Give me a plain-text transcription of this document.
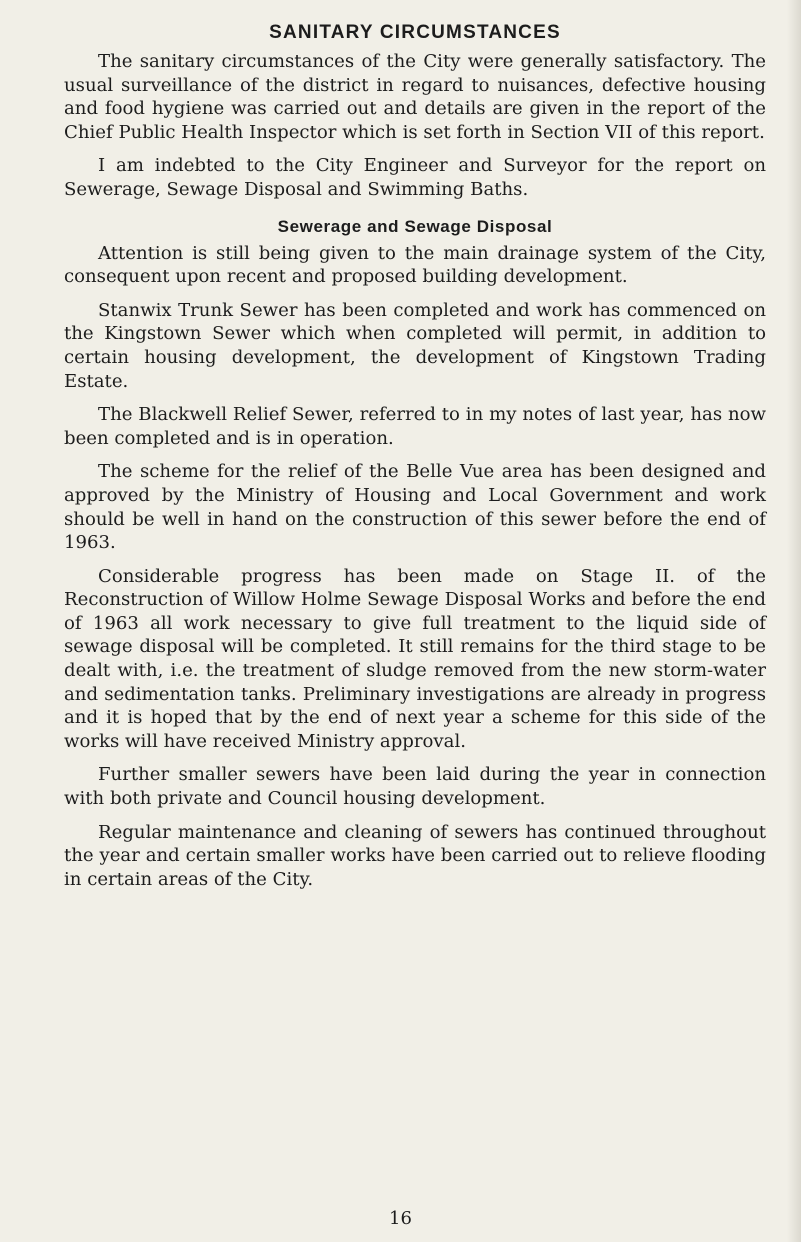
SANITARY CIRCUMSTANCES

The sanitary circumstances of the City were generally satisfactory. The usual surveillance of the district in regard to nuisances, defective housing and food hygiene was carried out and details are given in the report of the Chief Public Health Inspector which is set forth in Section VII of this report.

I am indebted to the City Engineer and Surveyor for the report on Sewerage, Sewage Disposal and Swimming Baths.

Sewerage and Sewage Disposal

Attention is still being given to the main drainage system of the City, consequent upon recent and proposed building development.

Stanwix Trunk Sewer has been completed and work has commenced on the Kingstown Sewer which when completed will permit, in addition to certain housing development, the development of Kingstown Trading Estate.

The Blackwell Relief Sewer, referred to in my notes of last year, has now been completed and is in operation.

The scheme for the relief of the Belle Vue area has been designed and approved by the Ministry of Housing and Local Government and work should be well in hand on the construction of this sewer before the end of 1963.

Considerable progress has been made on Stage II. of the Reconstruction of Willow Holme Sewage Disposal Works and before the end of 1963 all work necessary to give full treatment to the liquid side of sewage disposal will be completed. It still remains for the third stage to be dealt with, i.e. the treatment of sludge removed from the new storm-water and sedimentation tanks. Preliminary investigations are already in progress and it is hoped that by the end of next year a scheme for this side of the works will have received Ministry approval.

Further smaller sewers have been laid during the year in connection with both private and Council housing development.

Regular maintenance and cleaning of sewers has continued throughout the year and certain smaller works have been carried out to relieve flooding in certain areas of the City.

16
